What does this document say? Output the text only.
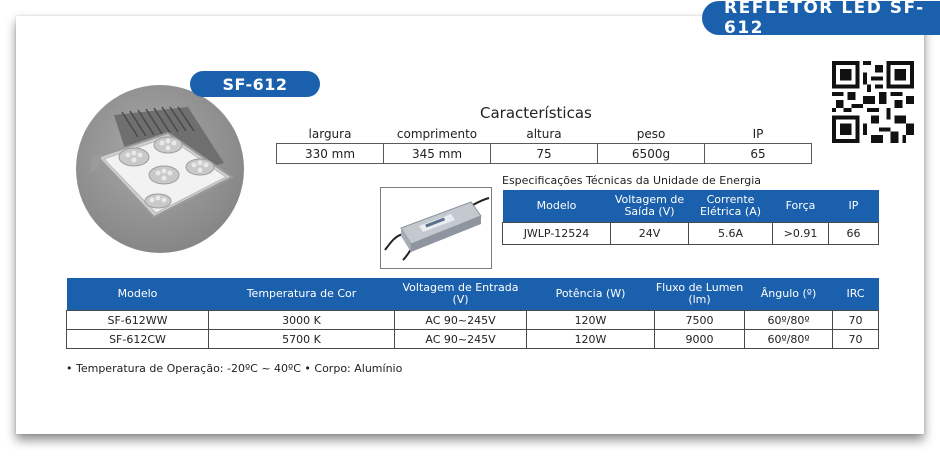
REFLETOR LED SF-612
SF-612
Características
largura	comprimento	altura	peso	IP
330 mm	345 mm	75	6500g	65
Especificações Técnicas da Unidade de Energia
Modelo	Voltagem de Saída (V)	Corrente Elétrica (A)	Força	IP
JWLP-12524	24V	5.6A	>0.91	66
Modelo	Temperatura de Cor	Voltagem de Entrada (V)	Potência (W)	Fluxo de Lumen (lm)	Ângulo (º)	IRC
SF-612WW	3000 K	AC 90~245V	120W	7500	60º/80º	70
SF-612CW	5700 K	AC 90~245V	120W	9000	60º/80º	70
• Temperatura de Operação: -20ºC ~ 40ºC • Corpo: Alumínio
